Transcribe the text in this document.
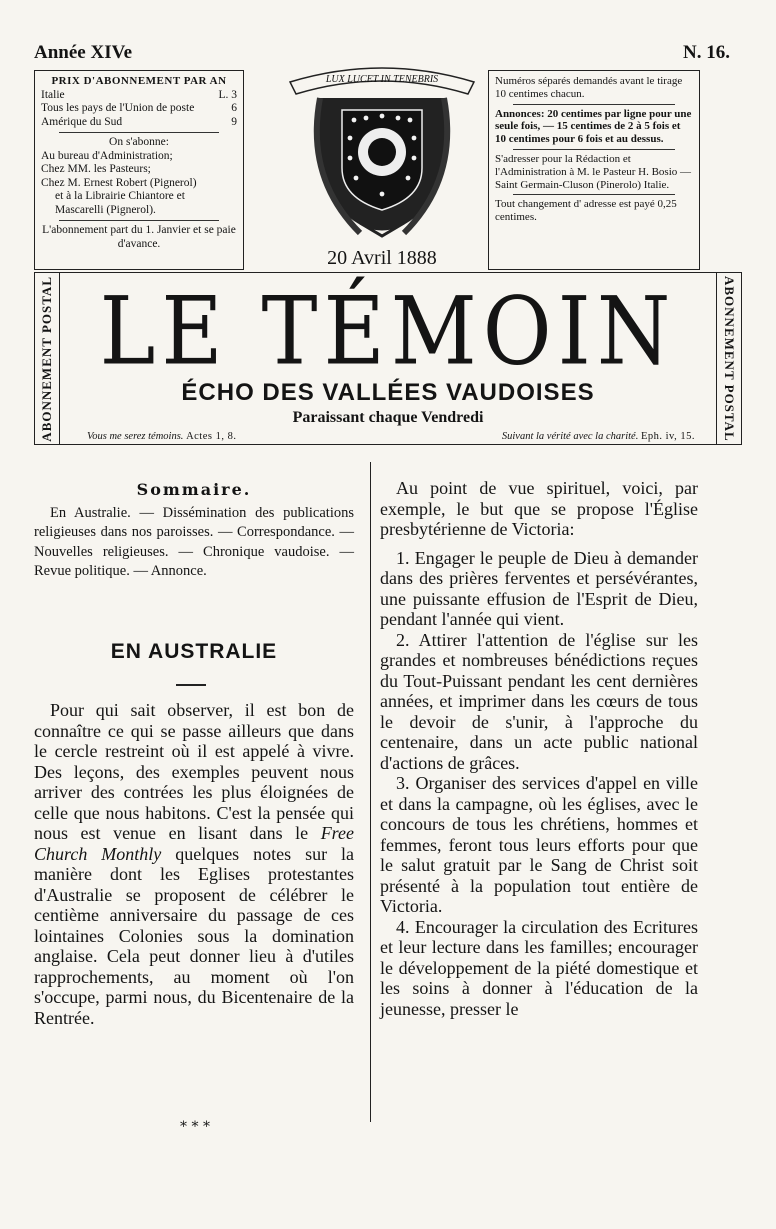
Année XIVe	N. 16.

PRIX D'ABONNEMENT PAR AN

Italie	L. 3
Tous les pays de l'Union de poste	6
Amérique du Sud	9

On s'abonne:

Au bureau d'Administration;

Chez MM. les Pasteurs;

Chez M. Ernest Robert (Pignerol)

et à la Librairie Chiantore et

Mascarelli (Pignerol).

L'abonnement part du 1. Janvier et se paie d'avance.

LUX LUCET IN TENEBRIS
20 Avril 1888

Numéros séparés demandés avant le tirage 10 centimes chacun.

Annonces: 20 centimes par ligne pour une seule fois, — 15 centimes de 2 à 5 fois et 10 centimes pour 6 fois et au dessus.

S'adresser pour la Rédaction et l'Administration à M. le Pasteur H. Bosio — Saint Germain-Cluson (Pinerolo) Italie.

Tout changement d' adresse est payé 0,25 centimes.

ABONNEMENT POSTAL LE TÉMOIN
ÉCHO DES VALLÉES VAUDOISES
Paraissant chaque Vendredi
Vous me serez témoins. Actes 1, 8.	Suivant la vérité avec la charité. Eph. iv, 15. ABONNEMENT POSTAL
Sommaire.

En Australie. — Dissémination des publications religieuses dans nos paroisses. — Correspondance. — Nouvelles religieuses. — Chronique vaudoise. — Revue politique. — Annonce.

EN AUSTRALIE

Pour qui sait observer, il est bon de connaître ce qui se passe ailleurs que dans le cercle restreint où il est appelé à vivre. Des leçons, des exemples peuvent nous arriver des contrées les plus éloignées de celle que nous habitons. C'est la pensée qui nous est venue en lisant dans le Free Church Monthly quelques notes sur la manière dont les Eglises protestantes d'Australie se proposent de célébrer le centième anniversaire du passage de ces lointaines Colonies sous la domination anglaise. Cela peut donner lieu à d'utiles rapprochements, au moment où l'on s'occupe, parmi nous, du Bicentenaire de la Rentrée.

* * *

Au point de vue spirituel, voici, par exemple, le but que se propose l'Église presbytérienne de Victoria:

1. Engager le peuple de Dieu à demander dans des prières ferventes et persévérantes, une puissante effusion de l'Esprit de Dieu, pendant l'année qui vient.

2. Attirer l'attention de l'église sur les grandes et nombreuses bénédictions reçues du Tout-Puissant pendant les cent dernières années, et imprimer dans les cœurs de tous le devoir de s'unir, à l'approche du centenaire, dans un acte public national d'actions de grâces.

3. Organiser des services d'appel en ville et dans la campagne, où les églises, avec le concours de tous les chrétiens, hommes et femmes, feront tous leurs efforts pour que le salut gratuit par le Sang de Christ soit présenté à la population tout entière de Victoria.

4. Encourager la circulation des Ecritures et leur lecture dans les familles; encourager le développement de la piété domestique et les soins à donner à l'éducation de la jeunesse, presser le
